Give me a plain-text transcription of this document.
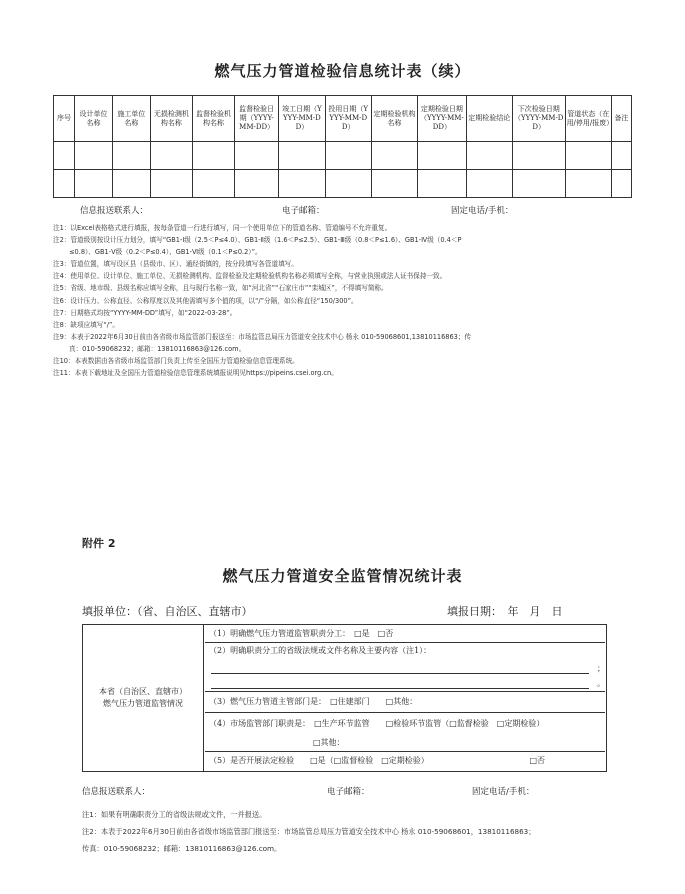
燃气压力管道检验信息统计表（续）
序号	设计单位名称	施工单位名称	无损检测机构名称	监督检验机构名称	监督检验日期（YYYY-MM-DD）	竣工日期（YYYY-MM-DD）	投用日期（YYYY-MM-DD）	定期检验机构名称	定期检验日期（YYYY-MM-DD）	定期检验结论	下次检验日期（YYYY-MM-DD）	管道状态（在用/停用/报废）	备注

信息报送联系人：	电子邮箱：	固定电话/手机：
注1：以Excel表格格式进行填报，按每条管道一行进行填写，同一个使用单位下的管道名称、管道编号不允许重复。
注2：管道级别按设计压力划分，填写“GB1-Ⅰ级（2.5＜P≤4.0）、GB1-Ⅱ级（1.6＜P≤2.5）、GB1-Ⅲ级（0.8＜P≤1.6）、GB1-Ⅳ级（0.4＜P
≤0.8）、GB1-Ⅴ级（0.2＜P≤0.4）、GB1-Ⅵ级（0.1＜P≤0.2）”。
注3：管道位置，填写设区县（县级市、区）、通经街镇的，按分段填写各管道填写。
注4：使用单位、设计单位、施工单位、无损检测机构、监督检验及定期检验机构名称必须填写全称，与营业执照或法人证书保持一致。
注5：省级、地市级、县级名称应填写全称，且与现行名称一致，如“河北省”“石家庄市”“栾城区”，不得填写简称。
注6：设计压力、公称直径、公称厚度以及其他需填写多个值的项，以“/”分隔，如公称直径“150/300”。
注7：日期格式均按“YYYY-MM-DD”填写，如“2022-03-28”。
注8：缺项应填写“/”。
注9：本表于2022年6月30日前由各省级市场监管部门报送至：市场监管总局压力管道安全技术中心 杨永 010-59068601,13810116863；传
真：010-59068232；邮箱：13810116863@126.com。
注10：本表数据由各省级市场监管部门负责上传至全国压力管道检验信息管理系统。
注11：本表下载地址及全国压力管道检验信息管理系统填报说明见https://pipeins.csei.org.cn。
附件 2
燃气压力管道安全监管情况统计表
填报单位：（省、自治区、直辖市）	填报日期：　年　月　日
本省（自治区、直辖市）
燃气压力管道监管情况

（1）明确燃气压力管道监管职责分工：　□是　□否
（2）明确职责分工的省级法规或文件名称及主要内容（注1）：
；
。
（3）燃气压力管道主管部门是：　□住建部门　　□其他：
（4）市场监管部门职责是：　□生产环节监管　　□检验环节监管（□监督检验　□定期检验）
□其他：
（5）是否开展法定检验　　□是（□监督检验　□定期检验）	□否
信息报送联系人：	电子邮箱：	固定电话/手机：
注1：如果有明确职责分工的省级法规或文件，一并报送。
注2：本表于2022年6月30日前由各省级市场监管部门报送至：市场监管总局压力管道安全技术中心 杨永 010-59068601，13810116863；
传真：010-59068232；邮箱：13810116863@126.com。
